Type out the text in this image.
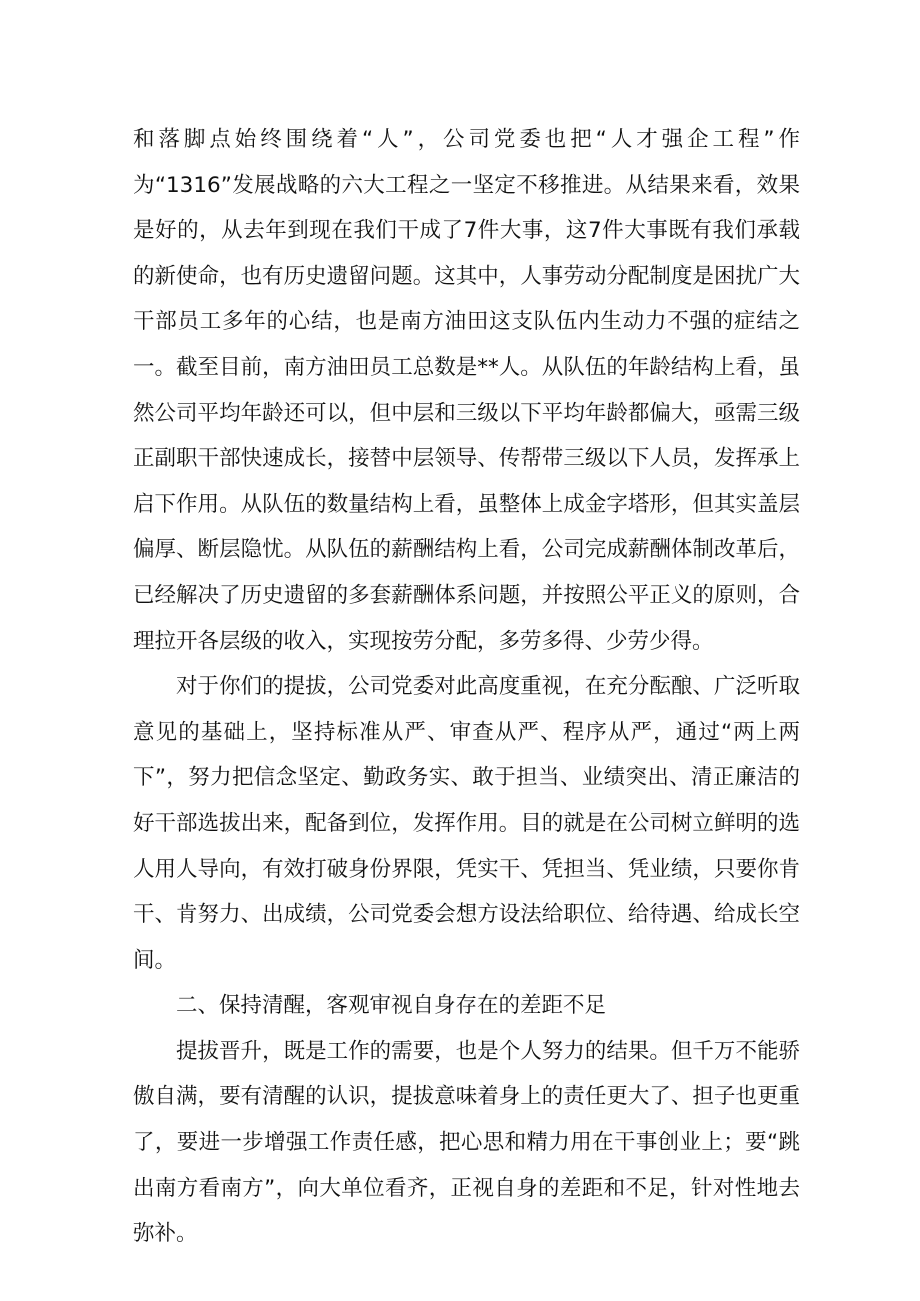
和落脚点始终围绕着“人”，公司党委也把“人才强企工程”作为“1316”发展战略的六大工程之一坚定不移推进。从结果来看，效果是好的，从去年到现在我们干成了7件大事，这7件大事既有我们承载的新使命，也有历史遗留问题。这其中，人事劳动分配制度是困扰广大干部员工多年的心结，也是南方油田这支队伍内生动力不强的症结之一。截至目前，南方油田员工总数是**人。从队伍的年龄结构上看，虽然公司平均年龄还可以，但中层和三级以下平均年龄都偏大，亟需三级正副职干部快速成长，接替中层领导、传帮带三级以下人员，发挥承上启下作用。从队伍的数量结构上看，虽整体上成金字塔形，但其实盖层偏厚、断层隐忧。从队伍的薪酬结构上看，公司完成薪酬体制改革后，已经解决了历史遗留的多套薪酬体系问题，并按照公平正义的原则，合理拉开各层级的收入，实现按劳分配，多劳多得、少劳少得。

对于你们的提拔，公司党委对此高度重视，在充分酝酿、广泛听取意见的基础上，坚持标准从严、审查从严、程序从严，通过“两上两下”，努力把信念坚定、勤政务实、敢于担当、业绩突出、清正廉洁的好干部选拔出来，配备到位，发挥作用。目的就是在公司树立鲜明的选人用人导向，有效打破身份界限，凭实干、凭担当、凭业绩，只要你肯干、肯努力、出成绩，公司党委会想方设法给职位、给待遇、给成长空间。

二、保持清醒，客观审视自身存在的差距不足

提拔晋升，既是工作的需要，也是个人努力的结果。但千万不能骄傲自满，要有清醒的认识，提拔意味着身上的责任更大了、担子也更重了，要进一步增强工作责任感，把心思和精力用在干事创业上；要“跳出南方看南方”，向大单位看齐，正视自身的差距和不足，针对性地去弥补。
